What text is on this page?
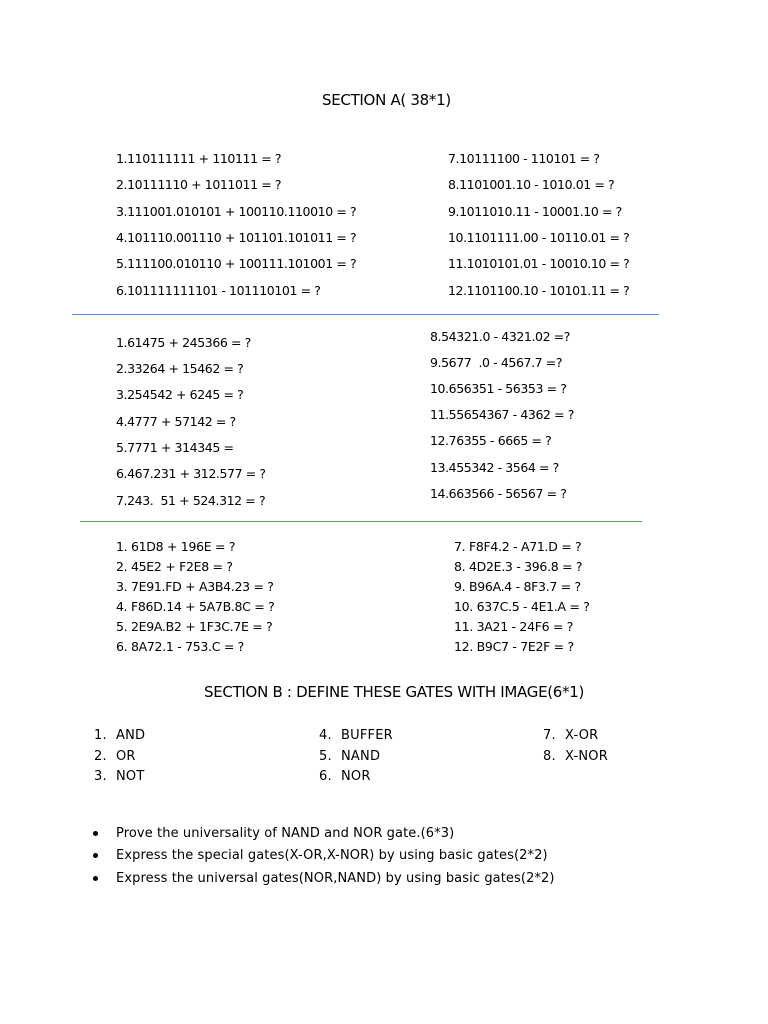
SECTION A( 38*1)
1.110111111 + 110111 = ?
2.10111110 + 1011011 = ?
3.111001.010101 + 100110.110010 = ?
4.101110.001110 + 101101.101011 = ?
5.111100.010110 + 100111.101001 = ?
6.101111111101 - 101110101 = ?
7.10111100 - 110101 = ?
8.1101001.10 - 1010.01 = ?
9.1011010.11 - 10001.10 = ?
10.1101111.00 - 10110.01 = ?
11.1010101.01 - 10010.10 = ?
12.1101100.10 - 10101.11 = ?
1.61475 + 245366 = ?
2.33264 + 15462 = ?
3.254542 + 6245 = ?
4.4777 + 57142 = ?
5.7771 + 314345 =
6.467.231 + 312.577 = ?
7.243.  51 + 524.312 = ?
8.54321.0 - 4321.02 =?
9.5677  .0 - 4567.7 =?
10.656351 - 56353 = ?
11.55654367 - 4362 = ?
12.76355 - 6665 = ?
13.455342 - 3564 = ?
14.663566 - 56567 = ?
1. 61D8 + 196E = ?
2. 45E2 + F2E8 = ?
3. 7E91.FD + A3B4.23 = ?
4. F86D.14 + 5A7B.8C = ?
5. 2E9A.B2 + 1F3C.7E = ?
6. 8A72.1 - 753.C = ?
7. F8F4.2 - A71.D = ?
8. 4D2E.3 - 396.8 = ?
9. B96A.4 - 8F3.7 = ?
10. 637C.5 - 4E1.A = ?
11. 3A21 - 24F6 = ?
12. B9C7 - 7E2F = ?
SECTION B : DEFINE THESE GATES WITH IMAGE(6*1)
1. AND
2. OR
3. NOT
4. BUFFER
5. NAND
6. NOR
7. X-OR
8. X-NOR
Prove the universality of NAND and NOR gate.(6*3)
Express the special gates(X-OR,X-NOR) by using basic gates(2*2)
Express the universal gates(NOR,NAND) by using basic gates(2*2)
